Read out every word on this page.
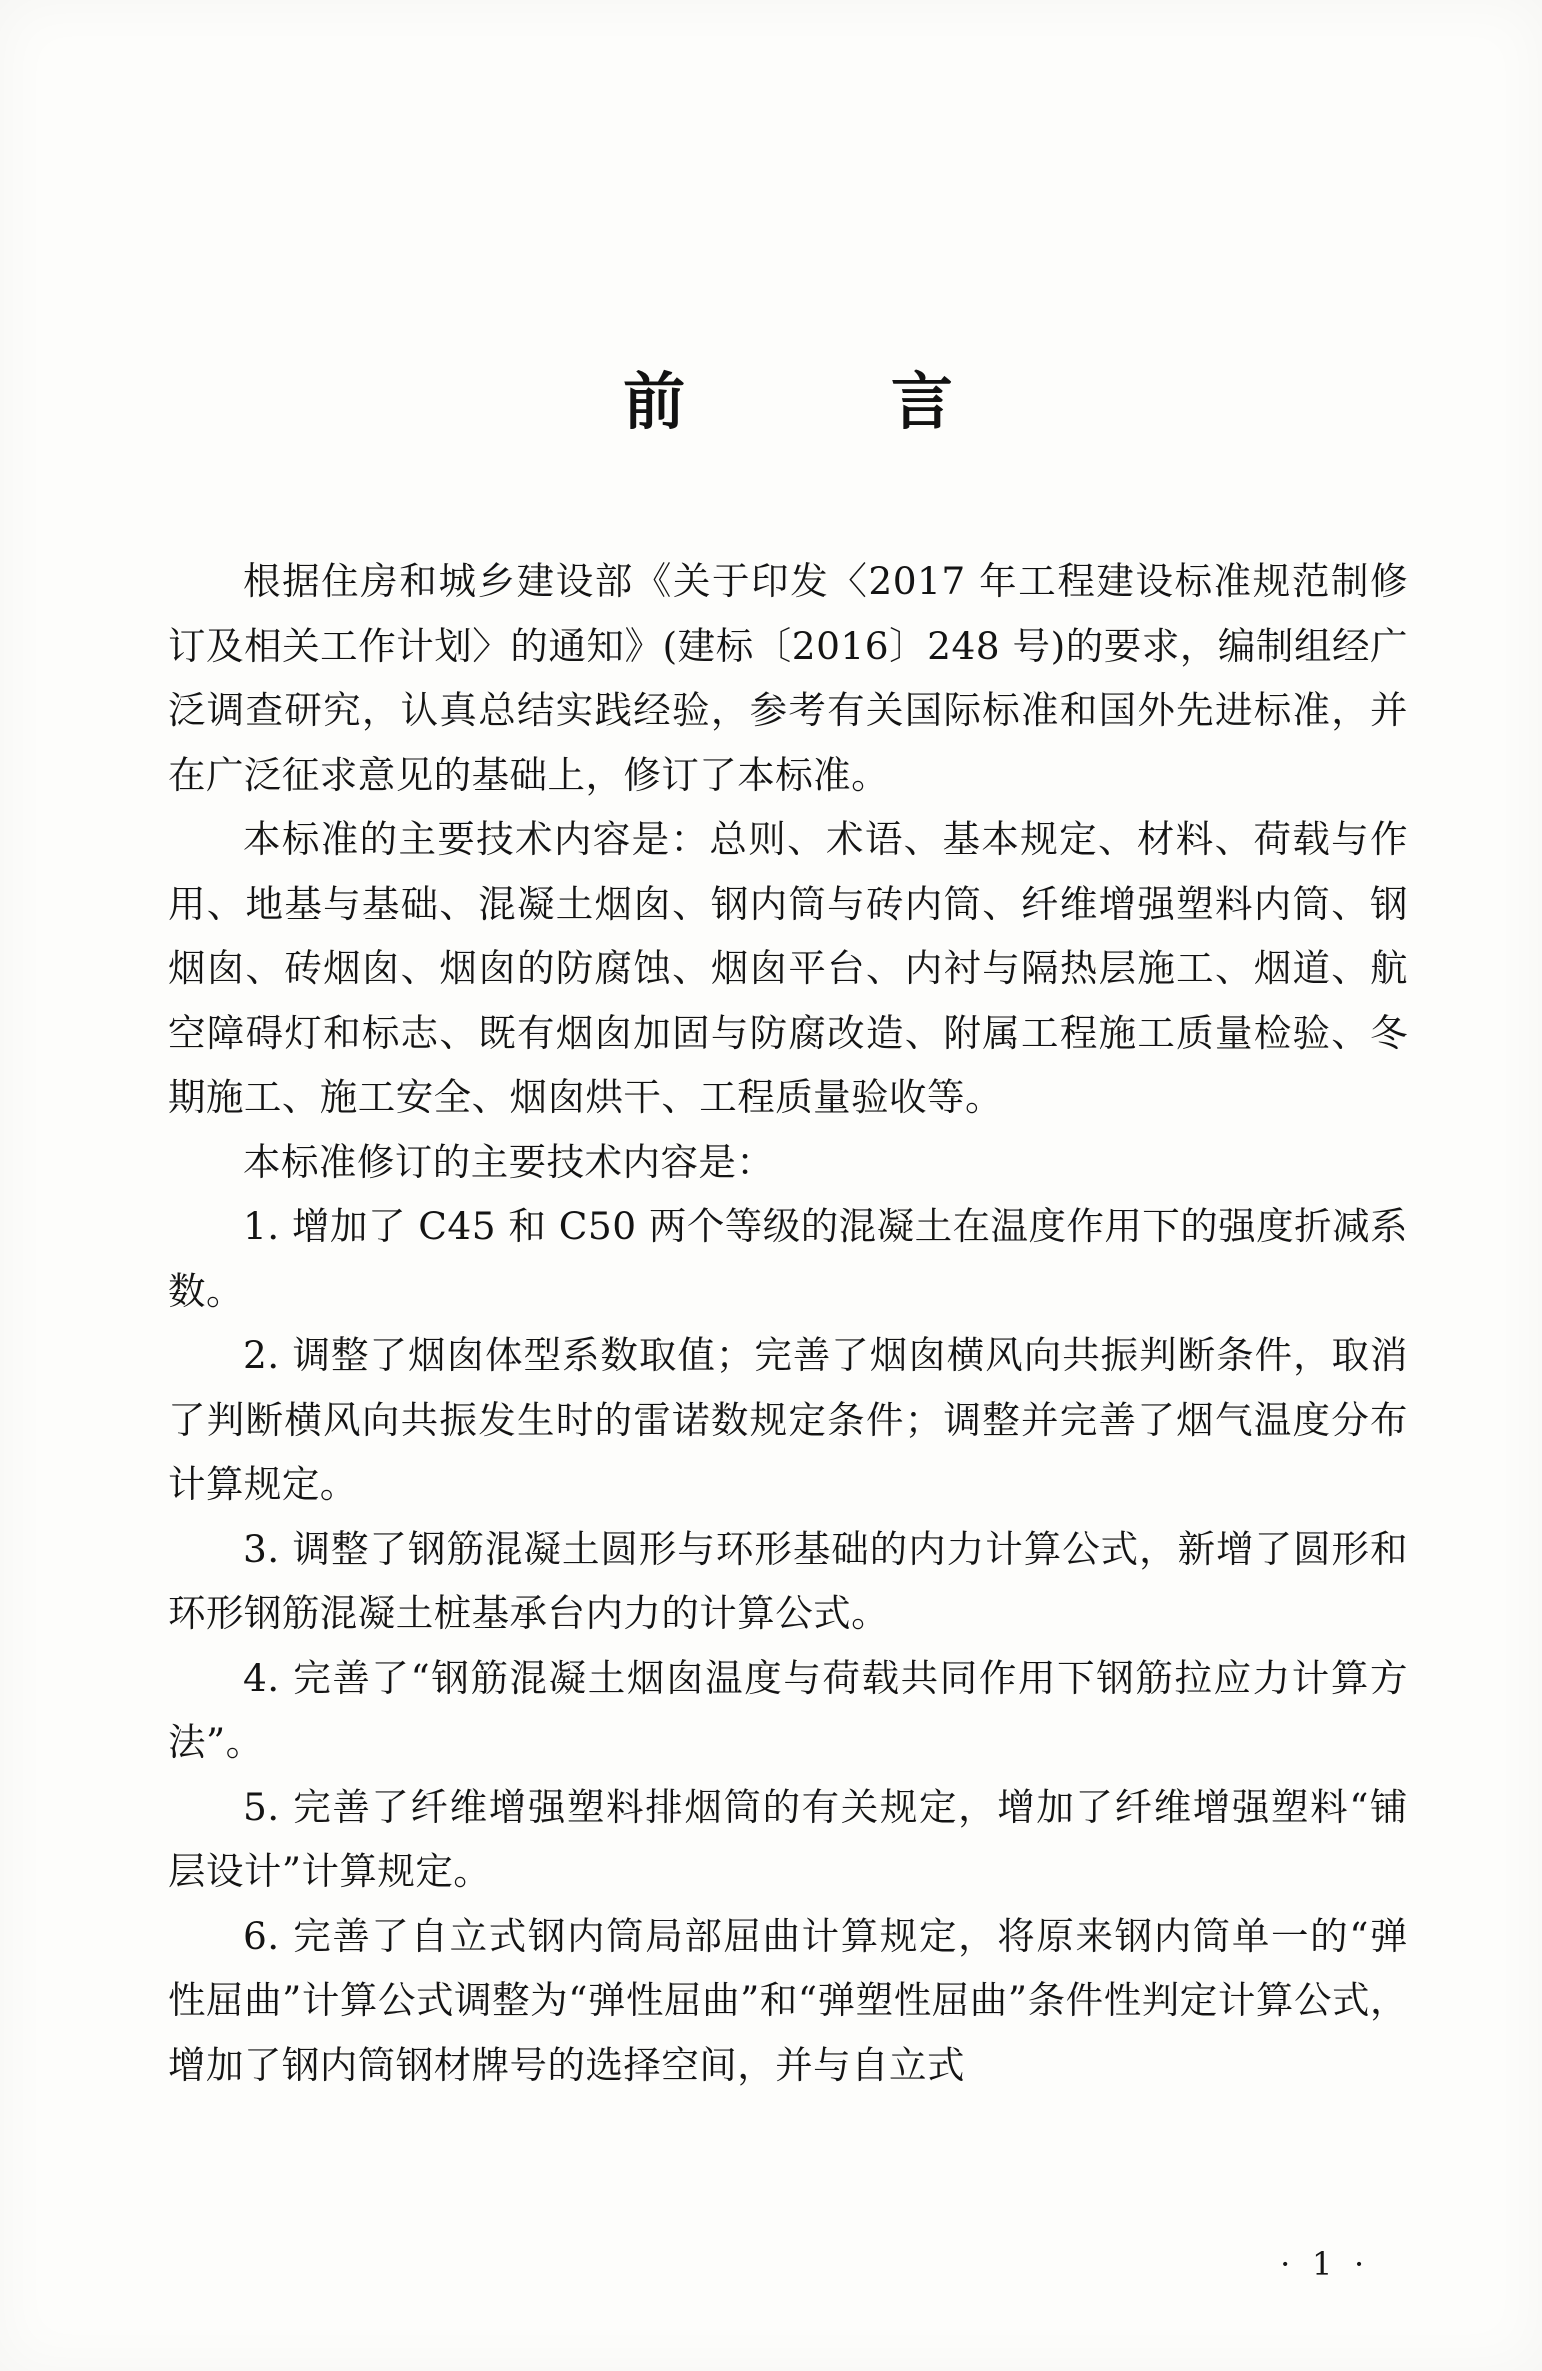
前　　言

根据住房和城乡建设部《关于印发〈2017 年工程建设标准规范制修订及相关工作计划〉的通知》(建标〔2016〕248 号)的要求，编制组经广泛调查研究，认真总结实践经验，参考有关国际标准和国外先进标准，并在广泛征求意见的基础上，修订了本标准。

本标准的主要技术内容是：总则、术语、基本规定、材料、荷载与作用、地基与基础、混凝土烟囱、钢内筒与砖内筒、纤维增强塑料内筒、钢烟囱、砖烟囱、烟囱的防腐蚀、烟囱平台、内衬与隔热层施工、烟道、航空障碍灯和标志、既有烟囱加固与防腐改造、附属工程施工质量检验、冬期施工、施工安全、烟囱烘干、工程质量验收等。

本标准修订的主要技术内容是：

1. 增加了 C45 和 C50 两个等级的混凝土在温度作用下的强度折减系数。

2. 调整了烟囱体型系数取值；完善了烟囱横风向共振判断条件，取消了判断横风向共振发生时的雷诺数规定条件；调整并完善了烟气温度分布计算规定。

3. 调整了钢筋混凝土圆形与环形基础的内力计算公式，新增了圆形和环形钢筋混凝土桩基承台内力的计算公式。

4. 完善了“钢筋混凝土烟囱温度与荷载共同作用下钢筋拉应力计算方法”。

5. 完善了纤维增强塑料排烟筒的有关规定，增加了纤维增强塑料“铺层设计”计算规定。

6. 完善了自立式钢内筒局部屈曲计算规定，将原来钢内筒单一的“弹性屈曲”计算公式调整为“弹性屈曲”和“弹塑性屈曲”条件性判定计算公式，增加了钢内筒钢材牌号的选择空间，并与自立式

· 1 ·
